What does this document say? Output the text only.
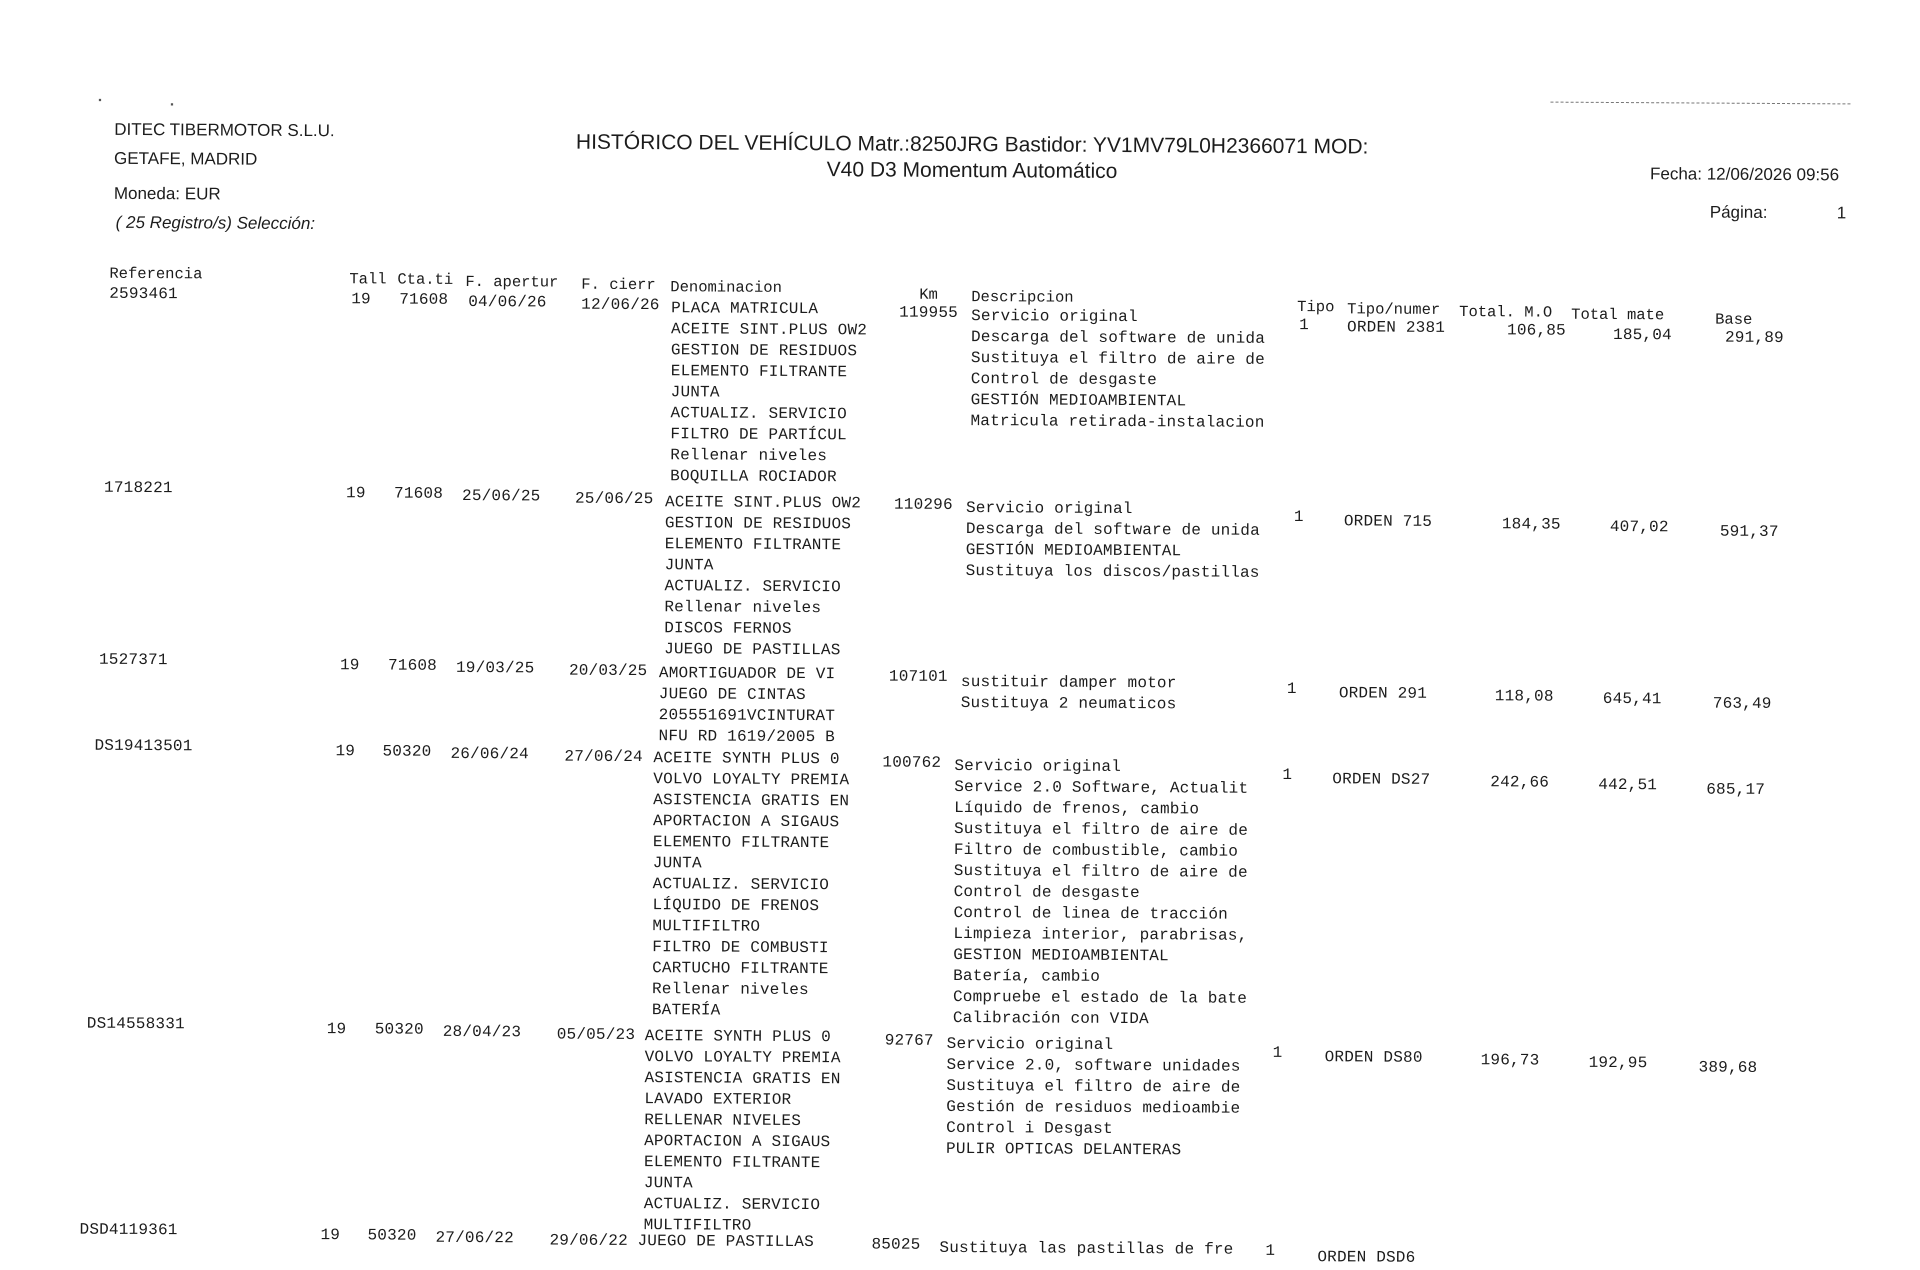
▪	▪
DITEC TIBERMOTOR S.L.U.
GETAFE, MADRID
Moneda: EUR
( 25 Registro/s) Selección:
HISTÓRICO DEL VEHÍCULO Matr.:8250JRG Bastidor: YV1MV79L0H2366071 MOD:
V40 D3 Momentum Automático	Fecha: 12/06/2026 09:56
Página:	1
Referencia	Tall Cta.ti F. apertur F. cierr Denominacion	Km Descripcion
Tipo Tipo/numer Total. M.O Total mate	Base
2593461	19 71608 04/06/26 12/06/26 PLACA MATRICULA
ACEITE SINT.PLUS OW2
GESTION DE RESIDUOS
ELEMENTO FILTRANTE
JUNTA
ACTUALIZ. SERVICIO
FILTRO DE PARTÍCUL
Rellenar niveles
BOQUILLA ROCIADOR
119955 Servicio original
Descarga del software de unida
Sustituya el filtro de aire de
Control de desgaste
GESTIÓN MEDIOAMBIENTAL
Matricula retirada-instalacion
1 ORDEN 2381	106,85	185,04	291,89
1718221	19 71608 25/06/25 25/06/25 ACEITE SINT.PLUS OW2
GESTION DE RESIDUOS
ELEMENTO FILTRANTE
JUNTA
ACTUALIZ. SERVICIO
Rellenar niveles
DISCOS FERNOS
JUEGO DE PASTILLAS
110296 Servicio original
Descarga del software de unida
GESTIÓN MEDIOAMBIENTAL
Sustituya los discos/pastillas
1	ORDEN 715	184,35	407,02	591,37
1527371	19 71608 19/03/25 20/03/25 AMORTIGUADOR DE VI
JUEGO DE CINTAS
205551691VCINTURAT
NFU RD 1619/2005 B
107101 sustituir damper motor
Sustituya 2 neumaticos
1	ORDEN 291	118,08	645,41	763,49
DS19413501	19 50320 26/06/24 27/06/24 ACEITE SYNTH PLUS 0
VOLVO LOYALTY PREMIA
ASISTENCIA GRATIS EN
APORTACION A SIGAUS
ELEMENTO FILTRANTE
JUNTA
ACTUALIZ. SERVICIO
LÍQUIDO DE FRENOS
MULTIFILTRO
FILTRO DE COMBUSTI
CARTUCHO FILTRANTE
Rellenar niveles
BATERÍA
100762 Servicio original
Service 2.0 Software, Actualit
Líquido de frenos, cambio
Sustituya el filtro de aire de
Filtro de combustible, cambio
Sustituya el filtro de aire de
Control de desgaste
Control de linea de tracción
Limpieza interior, parabrisas,
GESTION MEDIOAMBIENTAL
Batería, cambio
Compruebe el estado de la bate
Calibración con VIDA
1	ORDEN DS27	242,66	442,51	685,17
DS14558331	19 50320 28/04/23 05/05/23 ACEITE SYNTH PLUS 0
VOLVO LOYALTY PREMIA
ASISTENCIA GRATIS EN
LAVADO EXTERIOR
RELLENAR NIVELES
APORTACION A SIGAUS
ELEMENTO FILTRANTE
JUNTA
ACTUALIZ. SERVICIO
MULTIFILTRO
92767 Servicio original
Service 2.0, software unidades
Sustituya el filtro de aire de
Gestión de residuos medioambie
Control i Desgast
PULIR OPTICAS DELANTERAS
1	ORDEN DS80	196,73	192,95	389,68
DSD4119361	19 50320 27/06/22 29/06/22 JUEGO DE PASTILLAS	85025 Sustituya las pastillas de fre 1	ORDEN DSD6
